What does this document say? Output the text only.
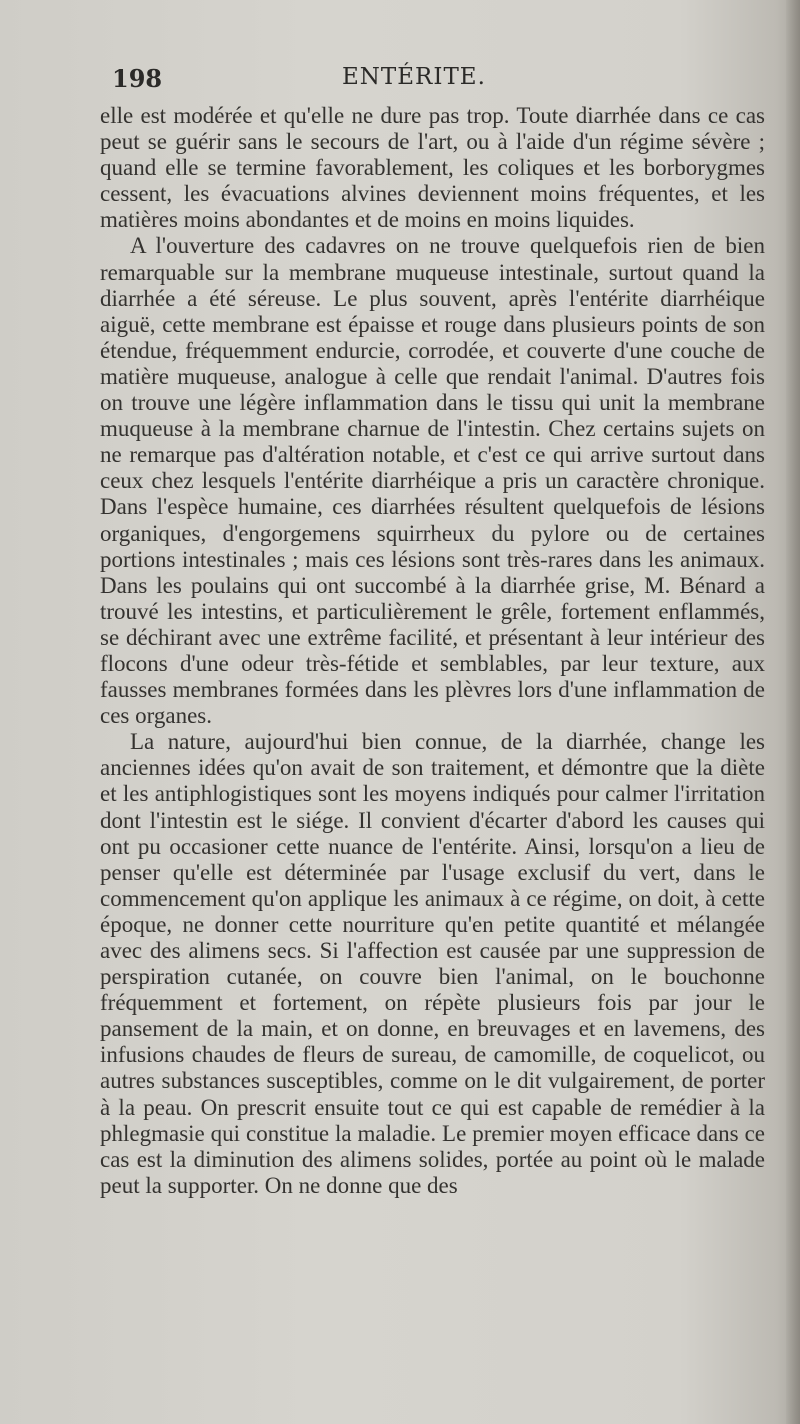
198	ENTÉRITE.

elle est modérée et qu'elle ne dure pas trop. Toute diarrhée dans ce cas peut se guérir sans le secours de l'art, ou à l'aide d'un régime sévère ; quand elle se termine favorablement, les coliques et les borborygmes cessent, les évacuations alvines deviennent moins fréquentes, et les matières moins abondantes et de moins en moins liquides.

A l'ouverture des cadavres on ne trouve quelquefois rien de bien remarquable sur la membrane muqueuse intestinale, surtout quand la diarrhée a été séreuse. Le plus souvent, après l'entérite diarrhéique aiguë, cette membrane est épaisse et rouge dans plusieurs points de son étendue, fréquemment endurcie, corrodée, et couverte d'une couche de matière muqueuse, analogue à celle que rendait l'animal. D'autres fois on trouve une légère inflammation dans le tissu qui unit la membrane muqueuse à la membrane charnue de l'intestin. Chez certains sujets on ne remarque pas d'altération notable, et c'est ce qui arrive surtout dans ceux chez lesquels l'entérite diarrhéique a pris un caractère chronique. Dans l'espèce humaine, ces diarrhées résultent quelquefois de lésions organiques, d'engorgemens squirrheux du pylore ou de certaines portions intestinales ; mais ces lésions sont très-rares dans les animaux. Dans les poulains qui ont succombé à la diarrhée grise, M. Bénard a trouvé les intestins, et particulièrement le grêle, fortement enflammés, se déchirant avec une extrême facilité, et présentant à leur intérieur des flocons d'une odeur très-fétide et semblables, par leur texture, aux fausses membranes formées dans les plèvres lors d'une inflammation de ces organes.

La nature, aujourd'hui bien connue, de la diarrhée, change les anciennes idées qu'on avait de son traitement, et démontre que la diète et les antiphlogistiques sont les moyens indiqués pour calmer l'irritation dont l'intestin est le siége. Il convient d'écarter d'abord les causes qui ont pu occasioner cette nuance de l'entérite. Ainsi, lorsqu'on a lieu de penser qu'elle est déterminée par l'usage exclusif du vert, dans le commencement qu'on applique les animaux à ce régime, on doit, à cette époque, ne donner cette nourriture qu'en petite quantité et mélangée avec des alimens secs. Si l'affection est causée par une suppression de perspiration cutanée, on couvre bien l'animal, on le bouchonne fréquemment et fortement, on répète plusieurs fois par jour le pansement de la main, et on donne, en breuvages et en lavemens, des infusions chaudes de fleurs de sureau, de camomille, de coquelicot, ou autres substances susceptibles, comme on le dit vulgairement, de porter à la peau. On prescrit ensuite tout ce qui est capable de remédier à la phlegmasie qui constitue la maladie. Le premier moyen efficace dans ce cas est la diminution des alimens solides, portée au point où le malade peut la supporter. On ne donne que des
